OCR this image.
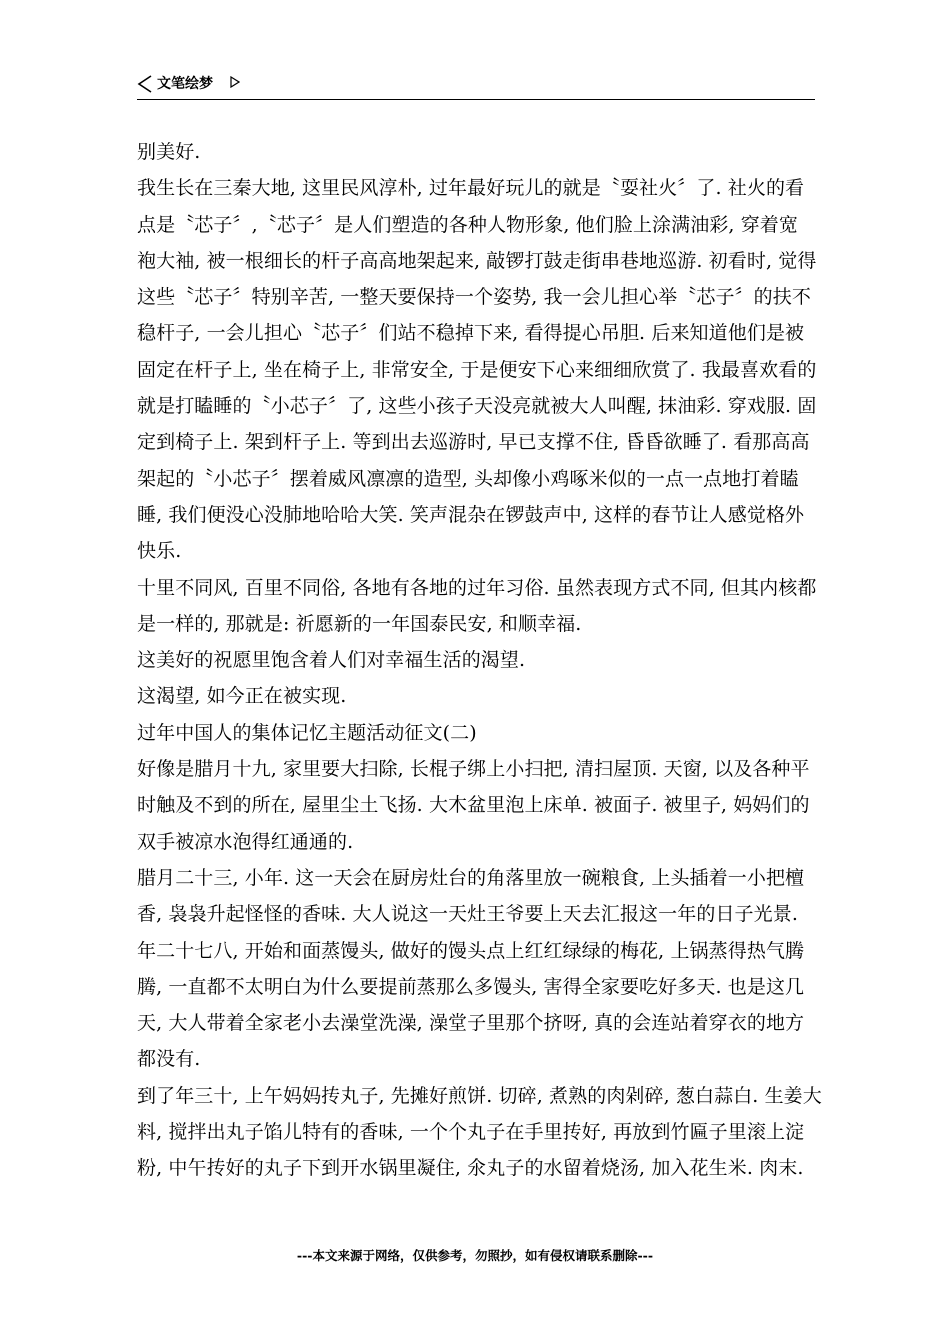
文笔绘梦
别美好.
我生长在三秦大地, 这里民风淳朴, 过年最好玩儿的就是〝耍社火〞了. 社火的看
点是〝芯子〞,〝芯子〞是人们塑造的各种人物形象, 他们脸上涂满油彩, 穿着宽
袍大袖, 被一根细长的杆子高高地架起来, 敲锣打鼓走街串巷地巡游. 初看时, 觉得
这些〝芯子〞特别辛苦, 一整天要保持一个姿势, 我一会儿担心举〝芯子〞的扶不
稳杆子, 一会儿担心〝芯子〞们站不稳掉下来, 看得提心吊胆. 后来知道他们是被
固定在杆子上, 坐在椅子上, 非常安全, 于是便安下心来细细欣赏了. 我最喜欢看的
就是打瞌睡的〝小芯子〞了, 这些小孩子天没亮就被大人叫醒, 抹油彩. 穿戏服. 固
定到椅子上. 架到杆子上. 等到出去巡游时, 早已支撑不住, 昏昏欲睡了. 看那高高
架起的〝小芯子〞摆着威风凛凛的造型, 头却像小鸡啄米似的一点一点地打着瞌
睡, 我们便没心没肺地哈哈大笑. 笑声混杂在锣鼓声中, 这样的春节让人感觉格外
快乐.
十里不同风, 百里不同俗, 各地有各地的过年习俗. 虽然表现方式不同, 但其内核都
是一样的, 那就是: 祈愿新的一年国泰民安, 和顺幸福.
这美好的祝愿里饱含着人们对幸福生活的渴望.
这渴望, 如今正在被实现.
过年中国人的集体记忆主题活动征文(二)
好像是腊月十九, 家里要大扫除, 长棍子绑上小扫把, 清扫屋顶. 天窗, 以及各种平
时触及不到的所在, 屋里尘土飞扬. 大木盆里泡上床单. 被面子. 被里子, 妈妈们的
双手被凉水泡得红通通的.
腊月二十三, 小年. 这一天会在厨房灶台的角落里放一碗粮食, 上头插着一小把檀
香, 袅袅升起怪怪的香味. 大人说这一天灶王爷要上天去汇报这一年的日子光景.
年二十七八, 开始和面蒸馒头, 做好的馒头点上红红绿绿的梅花, 上锅蒸得热气腾
腾, 一直都不太明白为什么要提前蒸那么多馒头, 害得全家要吃好多天. 也是这几
天, 大人带着全家老小去澡堂洗澡, 澡堂子里那个挤呀, 真的会连站着穿衣的地方
都没有.
到了年三十, 上午妈妈抟丸子, 先摊好煎饼. 切碎, 煮熟的肉剁碎, 葱白蒜白. 生姜大
料, 搅拌出丸子馅儿特有的香味, 一个个丸子在手里抟好, 再放到竹匾子里滚上淀
粉, 中午抟好的丸子下到开水锅里凝住, 氽丸子的水留着烧汤, 加入花生米. 肉末.
---本文来源于网络，仅供参考，勿照抄，如有侵权请联系删除---
